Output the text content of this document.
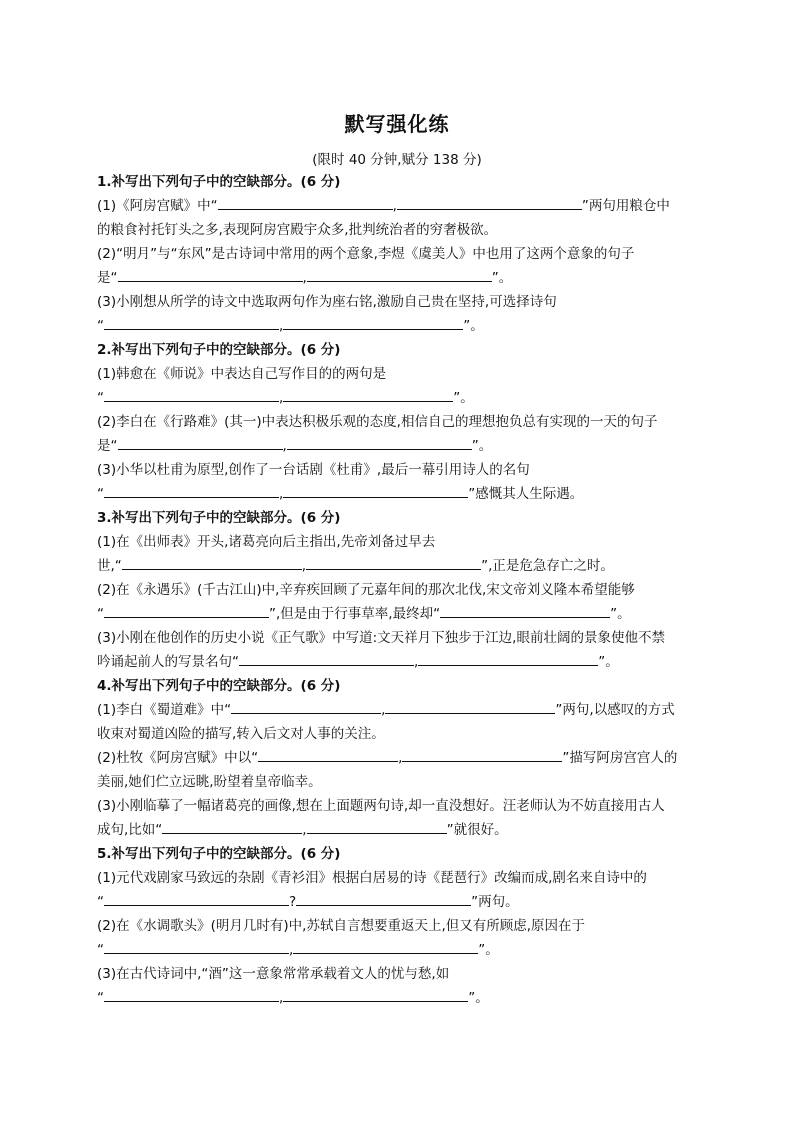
默写强化练
(限时 40 分钟,赋分 138 分)
1.补写出下列句子中的空缺部分。(6 分)
(1)《阿房宫赋》中“	,	”两句用粮仓中
的粮食衬托钉头之多,表现阿房宫殿宇众多,批判统治者的穷奢极欲。
(2)“明月”与“东风”是古诗词中常用的两个意象,李煜《虞美人》中也用了这两个意象的句子
是“	,	”。
(3)小刚想从所学的诗文中选取两句作为座右铭,激励自己贵在坚持,可选择诗句
“	,	”。
2.补写出下列句子中的空缺部分。(6 分)
(1)韩愈在《师说》中表达自己写作目的的两句是
“	,	”。
(2)李白在《行路难》(其一)中表达积极乐观的态度,相信自己的理想抱负总有实现的一天的句子
是“	,	”。
(3)小华以杜甫为原型,创作了一台话剧《杜甫》,最后一幕引用诗人的名句
“	,	”感慨其人生际遇。
3.补写出下列句子中的空缺部分。(6 分)
(1)在《出师表》开头,诸葛亮向后主指出,先帝刘备过早去
世,“	,	”,正是危急存亡之时。
(2)在《永遇乐》(千古江山)中,辛弃疾回顾了元嘉年间的那次北伐,宋文帝刘义隆本希望能够
“	”,但是由于行事草率,最终却“	”。
(3)小刚在他创作的历史小说《正气歌》中写道:文天祥月下独步于江边,眼前壮阔的景象使他不禁
吟诵起前人的写景名句“	,	”。
4.补写出下列句子中的空缺部分。(6 分)
(1)李白《蜀道难》中“	,	”两句,以感叹的方式
收束对蜀道凶险的描写,转入后文对人事的关注。
(2)杜牧《阿房宫赋》中以“	,	”描写阿房宫宫人的
美丽,她们伫立远眺,盼望着皇帝临幸。
(3)小刚临摹了一幅诸葛亮的画像,想在上面题两句诗,却一直没想好。汪老师认为不妨直接用古人
成句,比如“	,	”就很好。
5.补写出下列句子中的空缺部分。(6 分)
(1)元代戏剧家马致远的杂剧《青衫泪》根据白居易的诗《琵琶行》改编而成,剧名来自诗中的
“	?	”两句。
(2)在《水调歌头》(明月几时有)中,苏轼自言想要重返天上,但又有所顾虑,原因在于
“	,	”。
(3)在古代诗词中,“酒”这一意象常常承载着文人的忧与愁,如
“	,	”。
